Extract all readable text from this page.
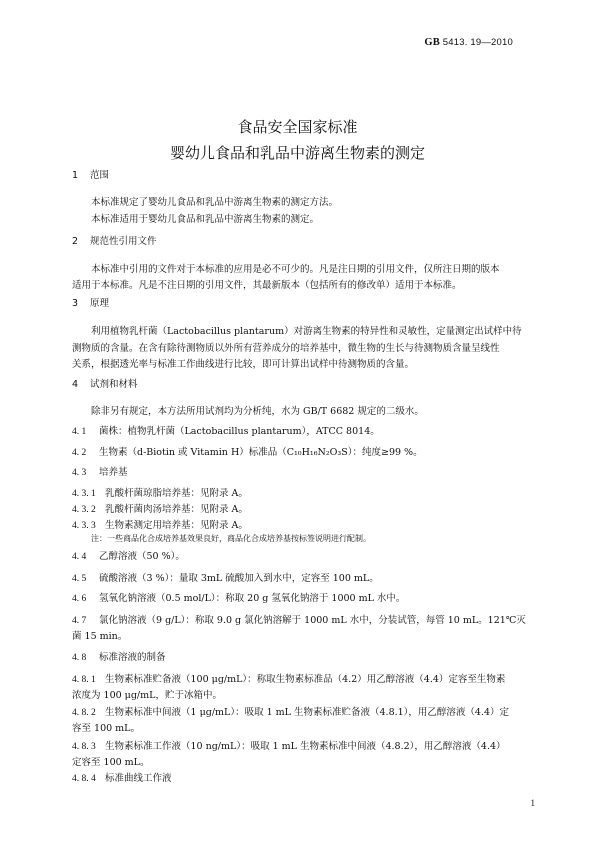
GB 5413. 19—2010
食品安全国家标准
婴幼儿食品和乳品中游离生物素的测定
1 范围
本标准规定了婴幼儿食品和乳品中游离生物素的测定方法。
本标准适用于婴幼儿食品和乳品中游离生物素的测定。
2 规范性引用文件
本标准中引用的文件对于本标准的应用是必不可少的。凡是注日期的引用文件，仅所注日期的版本
适用于本标准。凡是不注日期的引用文件，其最新版本（包括所有的修改单）适用于本标准。
3 原理
利用植物乳杆菌（Lactobacillus plantarum）对游离生物素的特异性和灵敏性，定量测定出试样中待
测物质的含量。在含有除待测物质以外所有营养成分的培养基中，微生物的生长与待测物质含量呈线性
关系，根据透光率与标准工作曲线进行比较，即可计算出试样中待测物质的含量。
4 试剂和材料
除非另有规定，本方法所用试剂均为分析纯，水为 GB/T 6682 规定的二级水。
4. 1 菌株：植物乳杆菌（Lactobacillus plantarum），ATCC 8014。
4. 2 生物素（d-Biotin 或 Vitamin H）标准品（C₁₀H₁₆N₂O₃S）：纯度≥99 %。
4. 3 培养基
4. 3. 1 乳酸杆菌琼脂培养基：见附录 A。
4. 3. 2 乳酸杆菌肉汤培养基：见附录 A。
4. 3. 3 生物素测定用培养基：见附录 A。
注：一些商品化合成培养基效果良好，商品化合成培养基按标签说明进行配制。
4. 4 乙醇溶液（50 %）。
4. 5 硫酸溶液（3 %）：量取 3mL 硫酸加入到水中，定容至 100 mL。
4. 6 氢氧化钠溶液（0.5 mol/L）：称取 20 g 氢氧化钠溶于 1000 mL 水中。
4. 7 氯化钠溶液（9 g/L）：称取 9.0 g 氯化钠溶解于 1000 mL 水中，分装试管，每管 10 mL。121℃灭
菌 15 min。
4. 8 标准溶液的制备
4. 8. 1 生物素标准贮备液（100 μg/mL）：称取生物素标准品（4.2）用乙醇溶液（4.4）定容至生物素
浓度为 100 μg/mL，贮于冰箱中。
4. 8. 2 生物素标准中间液（1 μg/mL）：吸取 1 mL 生物素标准贮备液（4.8.1），用乙醇溶液（4.4）定
容至 100 mL。
4. 8. 3 生物素标准工作液（10 ng/mL）：吸取 1 mL 生物素标准中间液（4.8.2），用乙醇溶液（4.4）
定容至 100 mL。
4. 8. 4 标准曲线工作液
1
